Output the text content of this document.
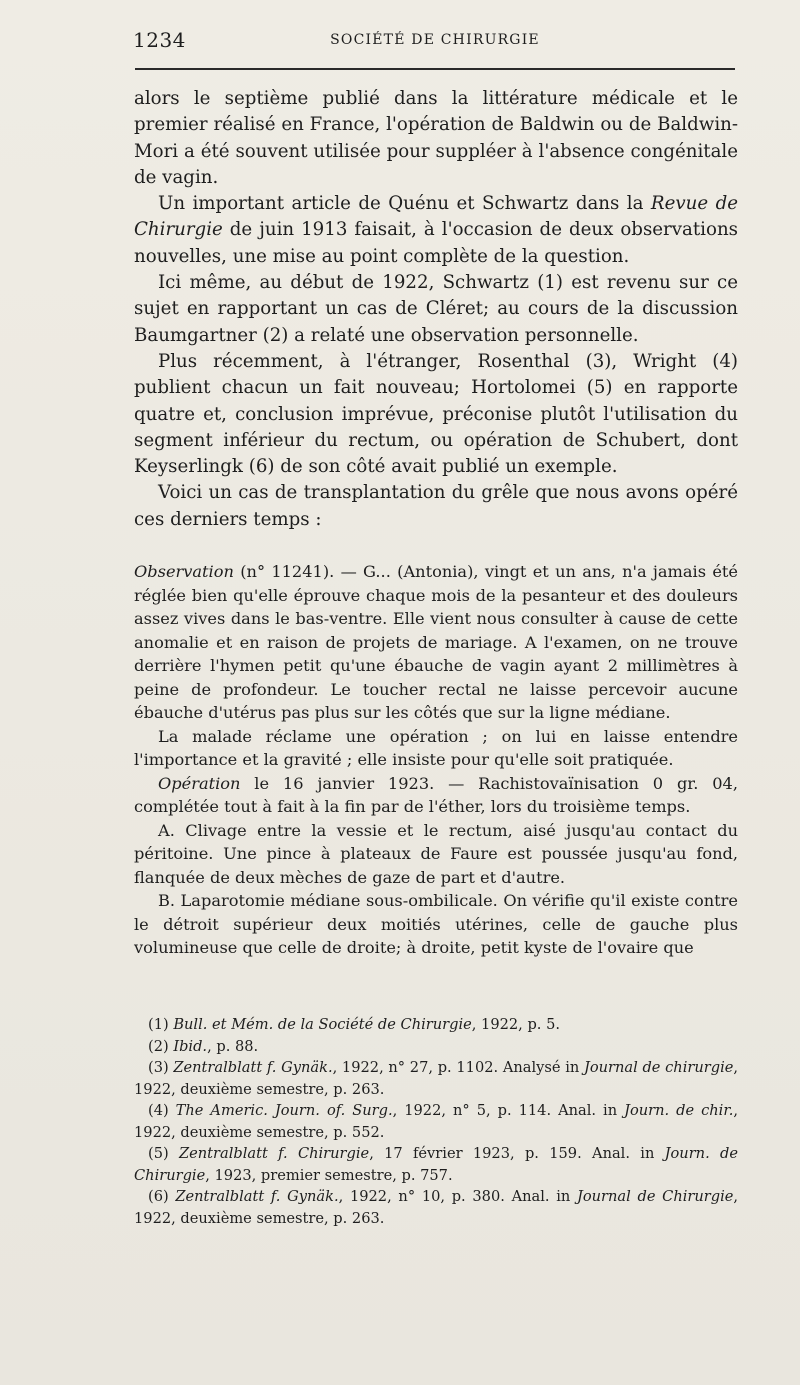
1234	SOCIÉTÉ DE CHIRURGIE

alors le septième publié dans la littérature médicale et le premier réalisé en France, l'opération de Baldwin ou de Baldwin-Mori a été souvent utilisée pour suppléer à l'absence congénitale de vagin.

Un important article de Quénu et Schwartz dans la Revue de Chirurgie de juin 1913 faisait, à l'occasion de deux observations nouvelles, une mise au point complète de la question.

Ici même, au début de 1922, Schwartz (1) est revenu sur ce sujet en rapportant un cas de Cléret; au cours de la discussion Baumgartner (2) a relaté une observation personnelle.

Plus récemment, à l'étranger, Rosenthal (3), Wright (4) publient chacun un fait nouveau; Hortolomei (5) en rapporte quatre et, conclusion imprévue, préconise plutôt l'utilisation du segment inférieur du rectum, ou opération de Schubert, dont Keyserlingk (6) de son côté avait publié un exemple.

Voici un cas de transplantation du grêle que nous avons opéré ces derniers temps :

Observation (n° 11241). — G... (Antonia), vingt et un ans, n'a jamais été réglée bien qu'elle éprouve chaque mois de la pesanteur et des douleurs assez vives dans le bas-ventre. Elle vient nous consulter à cause de cette anomalie et en raison de projets de mariage. A l'examen, on ne trouve derrière l'hymen petit qu'une ébauche de vagin ayant 2 millimètres à peine de profondeur. Le toucher rectal ne laisse percevoir aucune ébauche d'utérus pas plus sur les côtés que sur la ligne médiane.

La malade réclame une opération ; on lui en laisse entendre l'importance et la gravité ; elle insiste pour qu'elle soit pratiquée.

Opération le 16 janvier 1923. — Rachistovaïnisation 0 gr. 04, complétée tout à fait à la fin par de l'éther, lors du troisième temps.

A. Clivage entre la vessie et le rectum, aisé jusqu'au contact du péritoine. Une pince à plateaux de Faure est poussée jusqu'au fond, flanquée de deux mèches de gaze de part et d'autre.

B. Laparotomie médiane sous-ombilicale. On vérifie qu'il existe contre le détroit supérieur deux moitiés utérines, celle de gauche plus volumineuse que celle de droite; à droite, petit kyste de l'ovaire que

(1) Bull. et Mém. de la Société de Chirurgie, 1922, p. 5.

(2) Ibid., p. 88.

(3) Zentralblatt f. Gynäk., 1922, n° 27, p. 1102. Analysé in Journal de chirurgie, 1922, deuxième semestre, p. 263.

(4) The Americ. Journ. of. Surg., 1922, n° 5, p. 114. Anal. in Journ. de chir., 1922, deuxième semestre, p. 552.

(5) Zentralblatt f. Chirurgie, 17 février 1923, p. 159. Anal. in Journ. de Chirurgie, 1923, premier semestre, p. 757.

(6) Zentralblatt f. Gynäk., 1922, n° 10, p. 380. Anal. in Journal de Chirurgie, 1922, deuxième semestre, p. 263.
